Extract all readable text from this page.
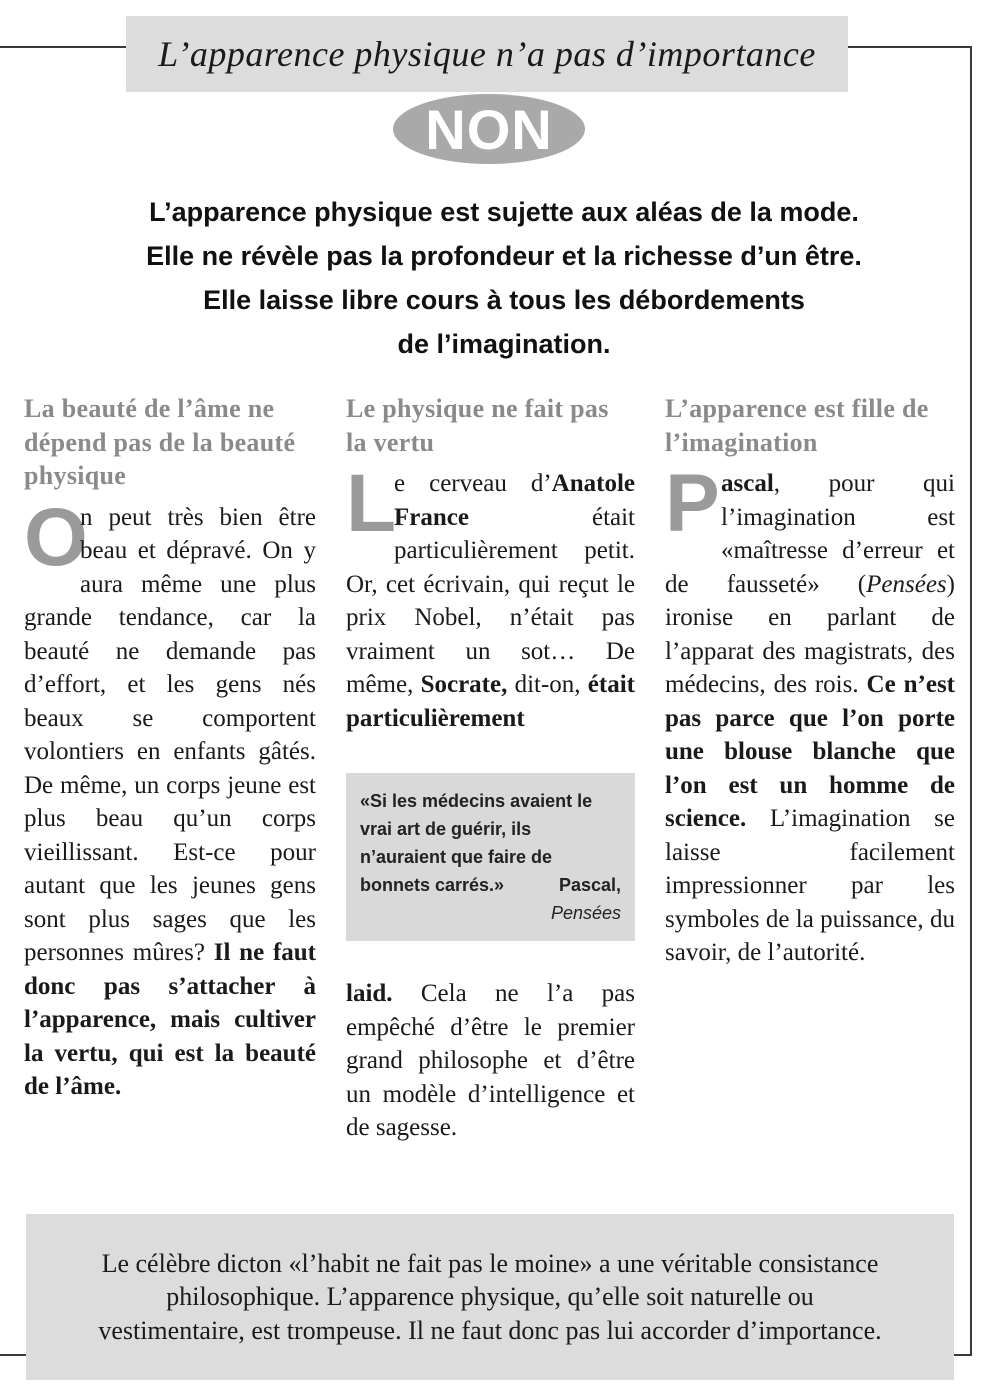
L’apparence physique n’a pas d’importance
NON

L’apparence physique est sujette aux aléas de la mode.
Elle ne révèle pas la profondeur et la richesse d’un être.
Elle laisse libre cours à tous les débordements
de l’imagination.

La beauté de l’âme ne dépend pas de la beauté physique

O
n peut très bien être beau et dépravé. On y aura même une plus grande tendance, car la beauté ne demande pas d’effort, et les gens nés beaux se comportent volontiers en enfants gâtés. De même, un corps jeune est plus beau qu’un corps vieillissant. Est-ce pour autant que les jeunes gens sont plus sages que les personnes mûres? Il ne faut donc pas s’attacher à l’apparence, mais cultiver la vertu, qui est la beauté de l’âme.

Le physique ne fait pas la vertu

L
e cerveau d’Anatole France était particulièrement petit. Or, cet écrivain, qui reçut le prix Nobel, n’était pas vraiment un sot… De même, Socrate, dit-on, était particulièrement

«Si les médecins avaient le vrai art de guérir, ils n’auraient que faire de bonnets carrés.»	Pascal,
Pensées

laid. Cela ne l’a pas empêché d’être le premier grand philosophe et d’être un modèle d’intelligence et de sagesse.

L’apparence est fille de l’imagination

Pascal, pour qui l’imagination est «maîtresse d’erreur et de fausseté» (Pensées) ironise en parlant de l’apparat des magistrats, des médecins, des rois. Ce n’est pas parce que l’on porte une blouse blanche que l’on est un homme de science. L’imagination se laisse facilement impressionner par les symboles de la puissance, du savoir, de l’autorité.

Le célèbre dicton «l’habit ne fait pas le moine» a une véritable consistance philosophique. L’apparence physique, qu’elle soit naturelle ou vestimentaire, est trompeuse. Il ne faut donc pas lui accorder d’importance.
